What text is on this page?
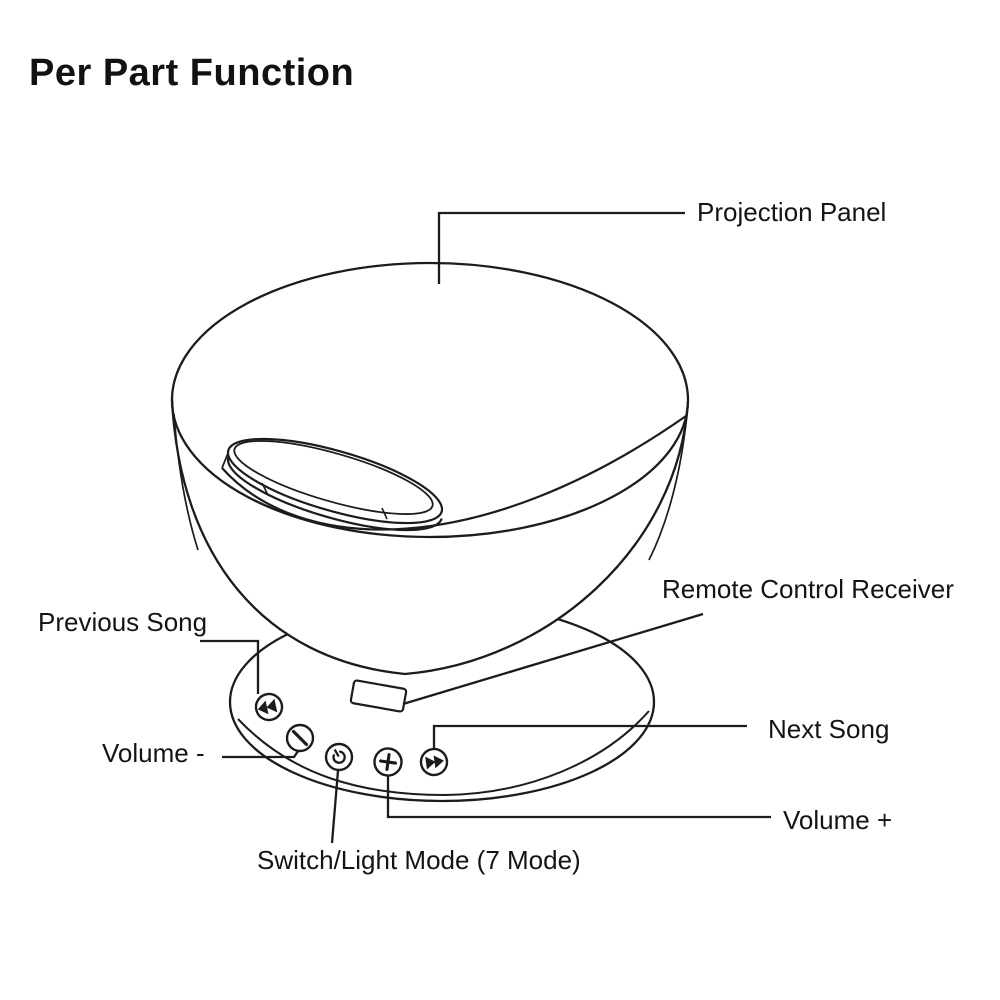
Per Part Function
Projection Panel
Remote Control Receiver
Previous Song
Volume -
Next Song
Volume +
Switch/Light Mode (7 Mode)
